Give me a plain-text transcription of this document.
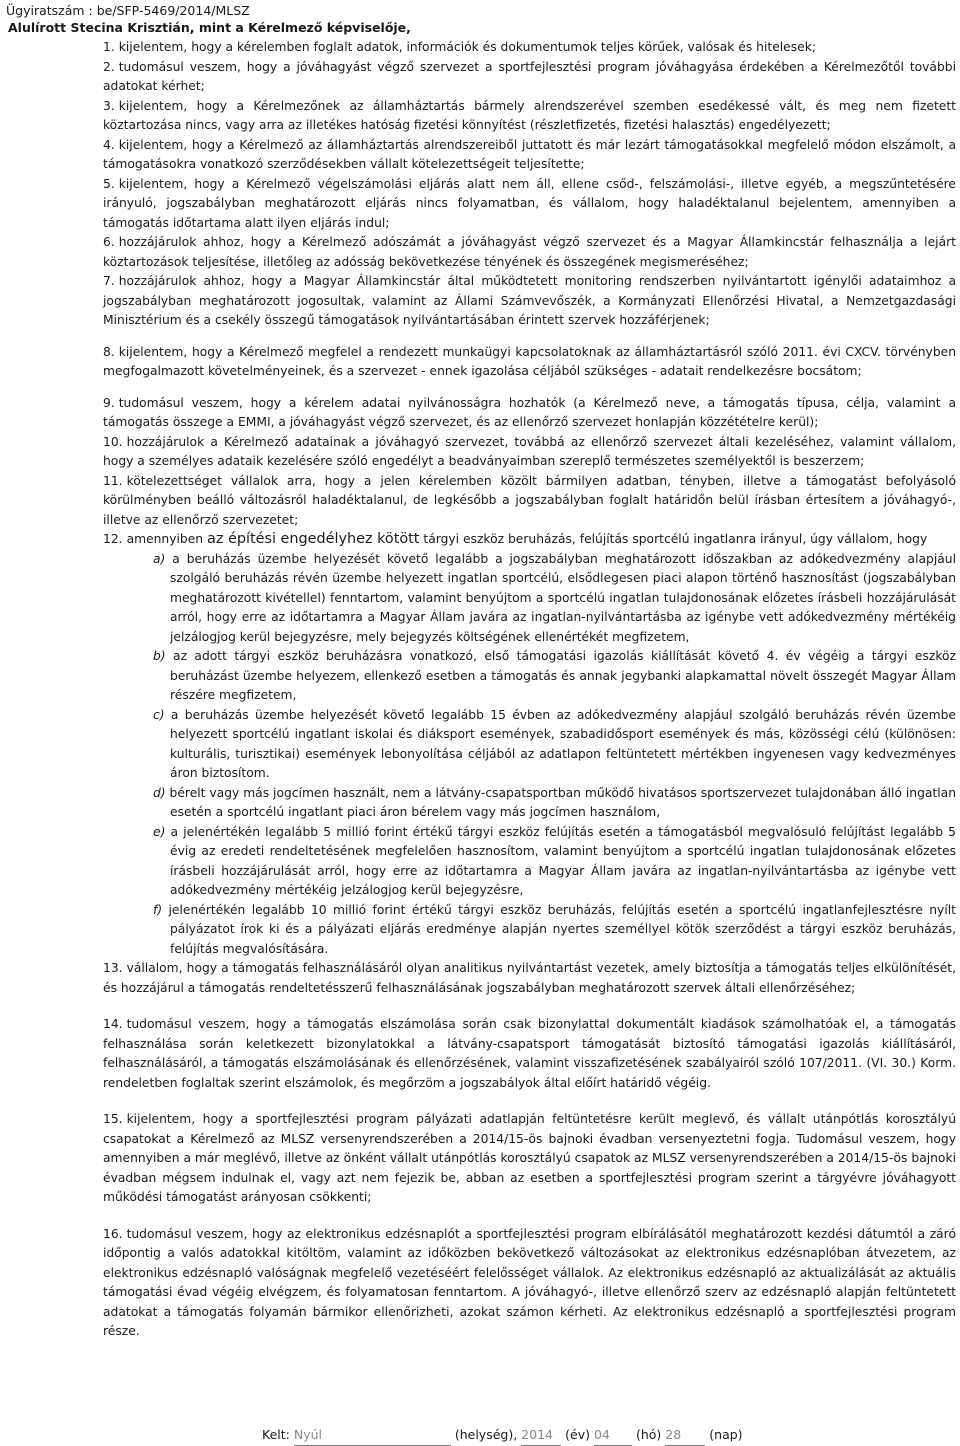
Ügyiratszám : be/SFP-5469/2014/MLSZ
Alulírott Stecina Krisztián, mint a Kérelmező képviselője,

1. kijelentem, hogy a kérelemben foglalt adatok, információk és dokumentumok teljes körűek, valósak és hitelesek;

2. tudomásul veszem, hogy a jóváhagyást végző szervezet a sportfejlesztési program jóváhagyása érdekében a Kérelmezőtől további adatokat kérhet;

3. kijelentem, hogy a Kérelmezőnek az államháztartás bármely alrendszerével szemben esedékessé vált, és meg nem fizetett köztartozása nincs, vagy arra az illetékes hatóság fizetési könnyítést (részletfizetés, fizetési halasztás) engedélyezett;

4. kijelentem, hogy a Kérelmező az államháztartás alrendszereiből juttatott és már lezárt támogatásokkal megfelelő módon elszámolt, a támogatásokra vonatkozó szerződésekben vállalt kötelezettségeit teljesítette;

5. kijelentem, hogy a Kérelmező végelszámolási eljárás alatt nem áll, ellene csőd-, felszámolási-, illetve egyéb, a megszűntetésére irányuló, jogszabályban meghatározott eljárás nincs folyamatban, és vállalom, hogy haladéktalanul bejelentem, amennyiben a támogatás időtartama alatt ilyen eljárás indul;

6. hozzájárulok ahhoz, hogy a Kérelmező adószámát a jóváhagyást végző szervezet és a Magyar Államkincstár felhasználja a lejárt köztartozások teljesítése, illetőleg az adósság bekövetkezése tényének és összegének megismeréséhez;

7. hozzájárulok ahhoz, hogy a Magyar Államkincstár által működtetett monitoring rendszerben nyilvántartott igénylői adataimhoz a jogszabályban meghatározott jogosultak, valamint az Állami Számvevőszék, a Kormányzati Ellenőrzési Hivatal, a Nemzetgazdasági Minisztérium és a csekély összegű támogatások nyilvántartásában érintett szervek hozzáférjenek;

8. kijelentem, hogy a Kérelmező megfelel a rendezett munkaügyi kapcsolatoknak az államháztartásról szóló 2011. évi CXCV. törvényben megfogalmazott követelményeinek, és a szervezet - ennek igazolása céljából szükséges - adatait rendelkezésre bocsátom;

9. tudomásul veszem, hogy a kérelem adatai nyilvánosságra hozhatók (a Kérelmező neve, a támogatás típusa, célja, valamint a támogatás összege a EMMI, a jóváhagyást végző szervezet, és az ellenőrző szervezet honlapján közzétételre kerül);

10. hozzájárulok a Kérelmező adatainak a jóváhagyó szervezet, továbbá az ellenőrző szervezet általi kezeléséhez, valamint vállalom, hogy a személyes adataik kezelésére szóló engedélyt a beadványaimban szereplő természetes személyektől is beszerzem;

11. kötelezettséget vállalok arra, hogy a jelen kérelemben közölt bármilyen adatban, tényben, illetve a támogatást befolyásoló körülményben beálló változásról haladéktalanul, de legkésőbb a jogszabályban foglalt határidőn belül írásban értesítem a jóváhagyó-, illetve az ellenőrző szervezetet;

12. amennyiben az építési engedélyhez kötött tárgyi eszköz beruházás, felújítás sportcélú ingatlanra irányul, úgy vállalom, hogy

a) a beruházás üzembe helyezését követő legalább a jogszabályban meghatározott időszakban az adókedvezmény alapjául szolgáló beruházás révén üzembe helyezett ingatlan sportcélú, elsődlegesen piaci alapon történő hasznosítást (jogszabályban meghatározott kivétellel) fenntartom, valamint benyújtom a sportcélú ingatlan tulajdonosának előzetes írásbeli hozzájárulását arról, hogy erre az időtartamra a Magyar Állam javára az ingatlan-nyilvántartásba az igénybe vett adókedvezmény mértékéig jelzálogjog kerül bejegyzésre, mely bejegyzés költségének ellenértékét megfizetem,
b) az adott tárgyi eszköz beruházásra vonatkozó, első támogatási igazolás kiállítását követő 4. év végéig a tárgyi eszköz beruházást üzembe helyezem, ellenkező esetben a támogatás és annak jegybanki alapkamattal növelt összegét Magyar Állam részére megfizetem,
c) a beruházás üzembe helyezését követő legalább 15 évben az adókedvezmény alapjául szolgáló beruházás révén üzembe helyezett sportcélú ingatlant iskolai és diáksport események, szabadidősport események és más, közösségi célú (különösen: kulturális, turisztikai) események lebonyolítása céljából az adatlapon feltüntetett mértékben ingyenesen vagy kedvezményes áron biztosítom.
d) bérelt vagy más jogcímen használt, nem a látvány-csapatsportban működő hivatásos sportszervezet tulajdonában álló ingatlan esetén a sportcélú ingatlant piaci áron bérelem vagy más jogcímen használom,
e) a jelenértékén legalább 5 millió forint értékű tárgyi eszköz felújítás esetén a támogatásból megvalósuló felújítást legalább 5 évig az eredeti rendeltetésének megfelelően hasznosítom, valamint benyújtom a sportcélú ingatlan tulajdonosának előzetes írásbeli hozzájárulását arról, hogy erre az időtartamra a Magyar Állam javára az ingatlan-nyilvántartásba az igénybe vett adókedvezmény mértékéig jelzálogjog kerül bejegyzésre,
f) jelenértékén legalább 10 millió forint értékű tárgyi eszköz beruházás, felújítás esetén a sportcélú ingatlanfejlesztésre nyílt pályázatot írok ki és a pályázati eljárás eredménye alapján nyertes személlyel kötök szerződést a tárgyi eszköz beruházás, felújítás megvalósítására.

13. vállalom, hogy a támogatás felhasználásáról olyan analitikus nyilvántartást vezetek, amely biztosítja a támogatás teljes elkülönítését, és hozzájárul a támogatás rendeltetésszerű felhasználásának jogszabályban meghatározott szervek általi ellenőrzéséhez;

14. tudomásul veszem, hogy a támogatás elszámolása során csak bizonylattal dokumentált kiadások számolhatóak el, a támogatás felhasználása során keletkezett bizonylatokkal a látvány-csapatsport támogatását biztosító támogatási igazolás kiállításáról, felhasználásáról, a támogatás elszámolásának és ellenőrzésének, valamint visszafizetésének szabályairól szóló 107/2011. (VI. 30.) Korm. rendeletben foglaltak szerint elszámolok, és megőrzöm a jogszabályok által előírt határidő végéig.

15. kijelentem, hogy a sportfejlesztési program pályázati adatlapján feltüntetésre került meglevő, és vállalt utánpótlás korosztályú csapatokat a Kérelmező az MLSZ versenyrendszerében a 2014/15-ös bajnoki évadban versenyeztetni fogja. Tudomásul veszem, hogy amennyiben a már meglévő, illetve az önként vállalt utánpótlás korosztályú csapatok az MLSZ versenyrendszerében a 2014/15-ös bajnoki évadban mégsem indulnak el, vagy azt nem fejezik be, abban az esetben a sportfejlesztési program szerint a tárgyévre jóváhagyott működési támogatást arányosan csökkenti;

16. tudomásul veszem, hogy az elektronikus edzésnaplót a sportfejlesztési program elbírálásától meghatározott kezdési dátumtól a záró időpontig a valós adatokkal kitöltöm, valamint az időközben bekövetkező változásokat az elektronikus edzésnaplóban átvezetem, az elektronikus edzésnapló valóságnak megfelelő vezetéséért felelősséget vállalok. Az elektronikus edzésnapló az aktualizálását az aktuális támogatási évad végéig elvégzem, és folyamatosan fenntartom. A jóváhagyó-, illetve ellenőrző szerv az edzésnapló alapján feltüntetett adatokat a támogatás folyamán bármikor ellenőrizheti, azokat számon kérheti. Az elektronikus edzésnapló a sportfejlesztési program része.

Kelt: Nyúl	(helység), 2014 (év) 04 (hó) 28 (nap)
